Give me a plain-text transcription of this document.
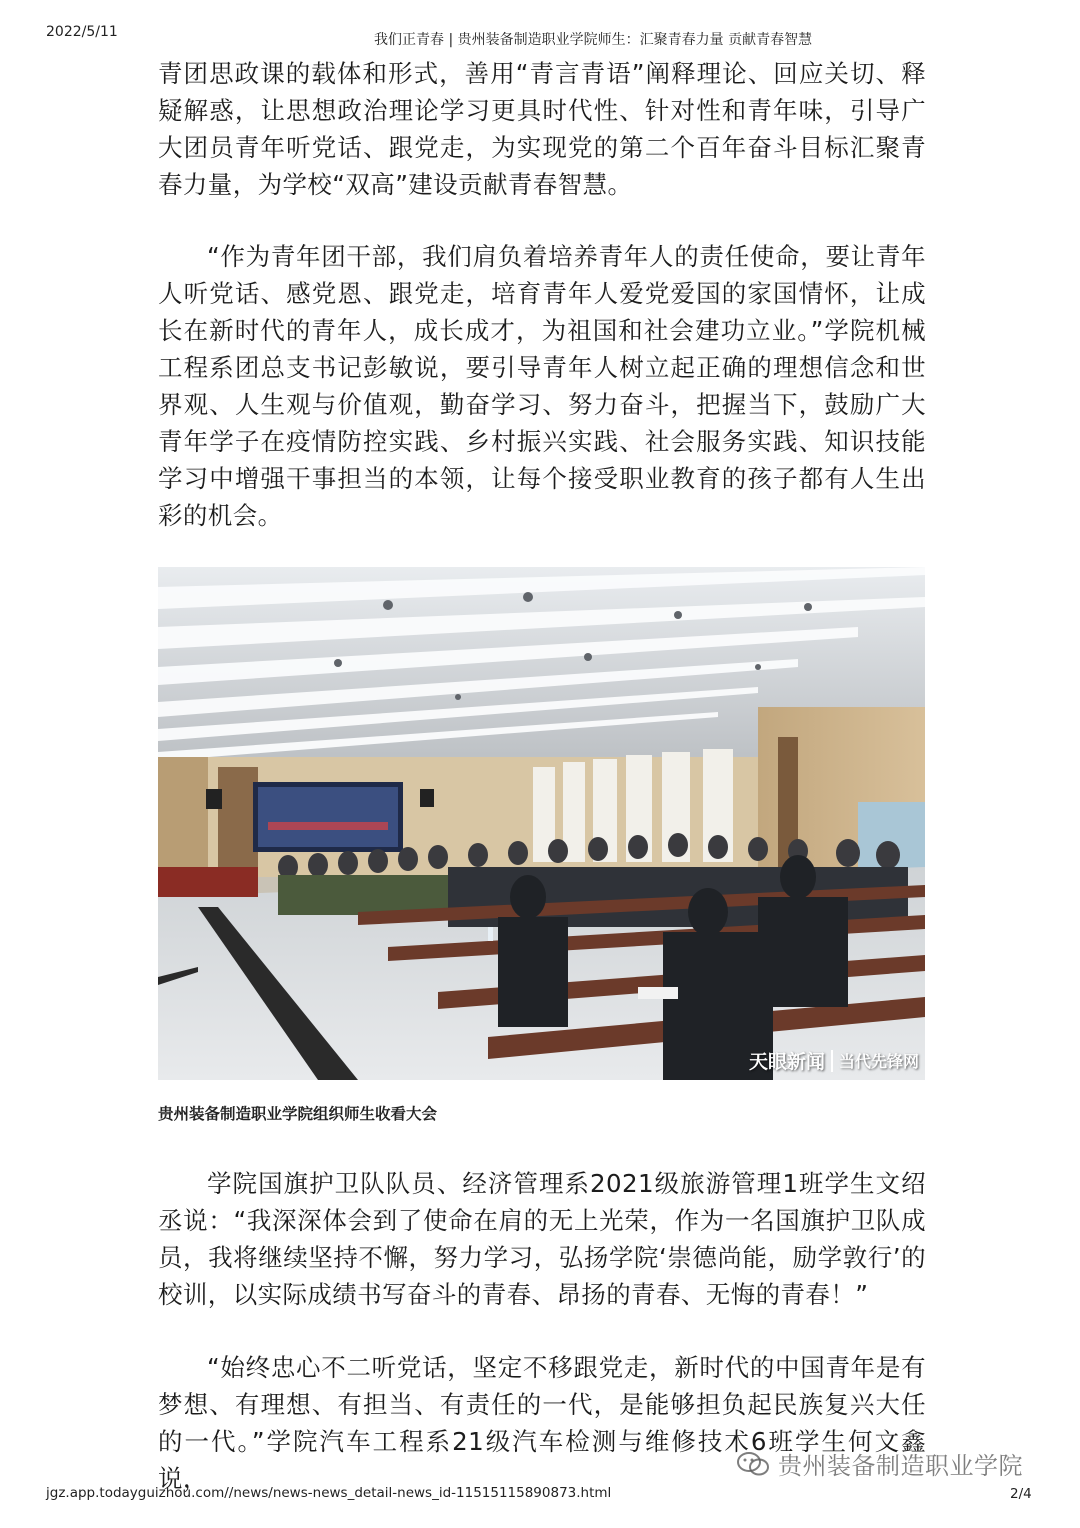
2022/5/11	我们正青春 | 贵州装备制造职业学院师生：汇聚青春力量 贡献青春智慧

青团思政课的载体和形式，善用“青言青语”阐释理论、回应关切、释疑解惑，让思想政治理论学习更具时代性、针对性和青年味，引导广大团员青年听党话、跟党走，为实现党的第二个百年奋斗目标汇聚青春力量，为学校“双高”建设贡献青春智慧。

“作为青年团干部，我们肩负着培养青年人的责任使命，要让青年人听党话、感党恩、跟党走，培育青年人爱党爱国的家国情怀，让成长在新时代的青年人，成长成才，为祖国和社会建功立业。”学院机械工程系团总支书记彭敏说，要引导青年人树立起正确的理想信念和世界观、人生观与价值观，勤奋学习、努力奋斗，把握当下，鼓励广大青年学子在疫情防控实践、乡村振兴实践、社会服务实践、知识技能学习中增强干事担当的本领，让每个接受职业教育的孩子都有人生出彩的机会。

天眼新闻 当代先锋网
贵州装备制造职业学院组织师生收看大会

学院国旗护卫队队员、经济管理系2021级旅游管理1班学生文绍丞说：“我深深体会到了使命在肩的无上光荣，作为一名国旗护卫队成员，我将继续坚持不懈，努力学习，弘扬学院‘崇德尚能，励学敦行’的校训，以实际成绩书写奋斗的青春、昂扬的青春、无悔的青春！”

“始终忠心不二听党话，坚定不移跟党走，新时代的中国青年是有梦想、有理想、有担当、有责任的一代，是能够担负起民族复兴大任的一代。”学院汽车工程系21级汽车检测与维修技术6班学生何文鑫说，	贵州装备制造职业学院
jgz.app.todayguizhou.com//news/news-news_detail-news_id-11515115890873.html	2/4
